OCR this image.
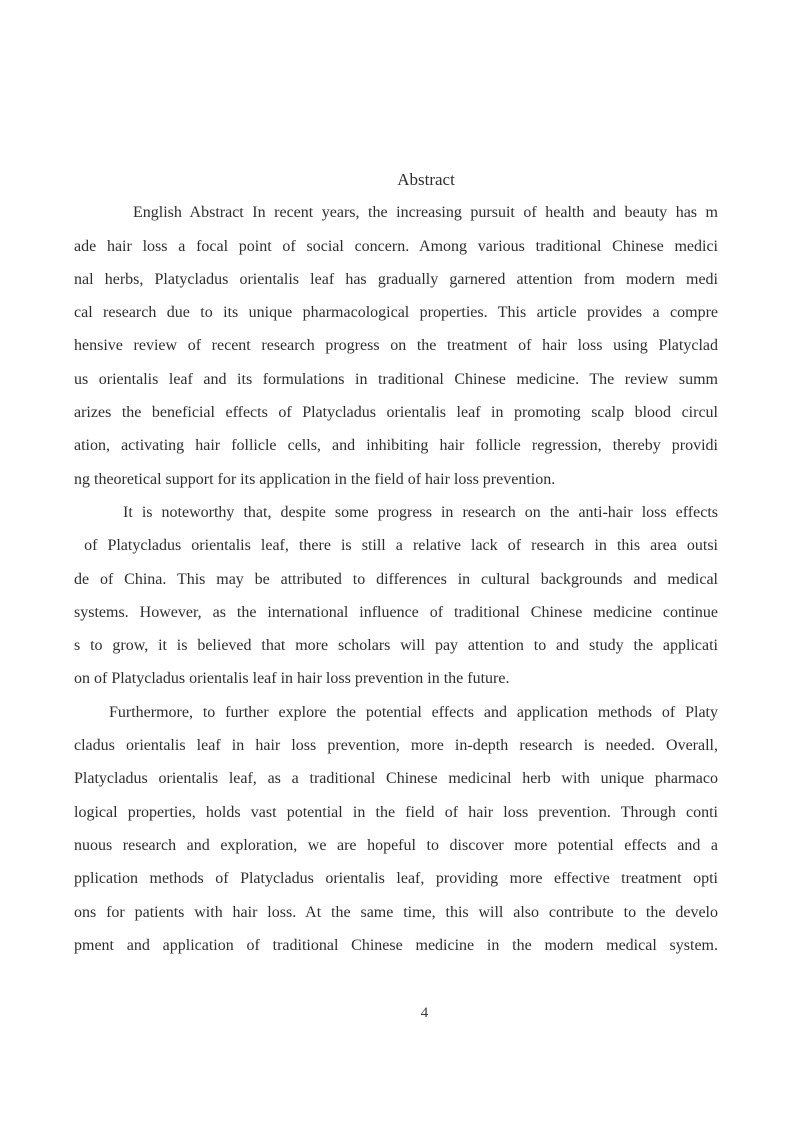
Abstract
English Abstract In recent years, the increasing pursuit of health and beauty has m
ade hair loss a focal point of social concern. Among various traditional Chinese medici
nal herbs, Platycladus orientalis leaf has gradually garnered attention from modern medi
cal research due to its unique pharmacological properties. This article provides a compre
hensive review of recent research progress on the treatment of hair loss using Platyclad
us orientalis leaf and its formulations in traditional Chinese medicine. The review summ
arizes the beneficial effects of Platycladus orientalis leaf in promoting scalp blood circul
ation, activating hair follicle cells, and inhibiting hair follicle regression, thereby providi
ng theoretical support for its application in the field of hair loss prevention.
It is noteworthy that, despite some progress in research on the anti-hair loss effects
of Platycladus orientalis leaf, there is still a relative lack of research in this area outsi
de of China. This may be attributed to differences in cultural backgrounds and medical
systems. However, as the international influence of traditional Chinese medicine continue
s to grow, it is believed that more scholars will pay attention to and study the applicati
on of Platycladus orientalis leaf in hair loss prevention in the future.
Furthermore, to further explore the potential effects and application methods of Platy
cladus orientalis leaf in hair loss prevention, more in-depth research is needed. Overall,
Platycladus orientalis leaf, as a traditional Chinese medicinal herb with unique pharmaco
logical properties, holds vast potential in the field of hair loss prevention. Through conti
nuous research and exploration, we are hopeful to discover more potential effects and a
pplication methods of Platycladus orientalis leaf, providing more effective treatment opti
ons for patients with hair loss. At the same time, this will also contribute to the develo
pment and application of traditional Chinese medicine in the modern medical system.
4
